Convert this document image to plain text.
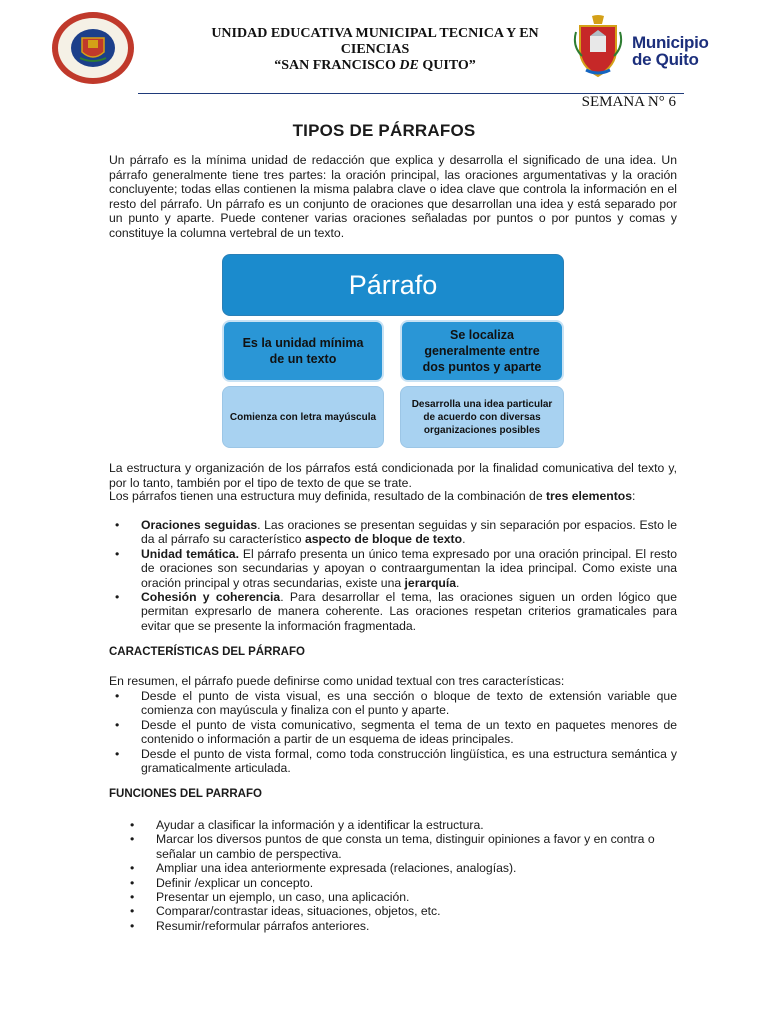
UNIDAD EDUCATIVA MUNICIPAL TECNICA Y EN
CIENCIAS
“SAN FRANCISCO DE QUITO”
Municipio
de Quito
SEMANA N° 6
TIPOS DE PÁRRAFOS

Un párrafo es la mínima unidad de redacción que explica y desarrolla el significado de una idea. Un párrafo generalmente tiene tres partes: la oración principal, las oraciones argumentativas y la oración concluyente; todas ellas contienen la misma palabra clave o idea clave que controla la información en el resto del párrafo. Un párrafo es un conjunto de oraciones que desarrollan una idea y está separado por un punto y aparte. Puede contener varias oraciones señaladas por puntos o por puntos y comas y constituye la columna vertebral de un texto.

Párrafo
Es la unidad mínima de un texto
Se localiza generalmente entre dos puntos y aparte
Comienza con letra mayúscula
Desarrolla una idea particular de acuerdo con diversas organizaciones posibles

La estructura y organización de los párrafos está condicionada por la finalidad comunicativa del texto y, por lo tanto, también por el tipo de texto de que se trate.

Los párrafos tienen una estructura muy definida, resultado de la combinación de tres elementos:

• Oraciones seguidas. Las oraciones se presentan seguidas y sin separación por espacios. Esto le da al párrafo su característico aspecto de bloque de texto.
• Unidad temática. El párrafo presenta un único tema expresado por una oración principal. El resto de oraciones son secundarias y apoyan o contraargumentan la idea principal. Como existe una oración principal y otras secundarias, existe una jerarquía.
• Cohesión y coherencia. Para desarrollar el tema, las oraciones siguen un orden lógico que permitan expresarlo de manera coherente. Las oraciones respetan criterios gramaticales para evitar que se presente la información fragmentada.
CARACTERÍSTICAS DEL PÁRRAFO

En resumen, el párrafo puede definirse como unidad textual con tres características:

• Desde el punto de vista visual, es una sección o bloque de texto de extensión variable que comienza con mayúscula y finaliza con el punto y aparte.
• Desde el punto de vista comunicativo, segmenta el tema de un texto en paquetes menores de contenido o información a partir de un esquema de ideas principales.
• Desde el punto de vista formal, como toda construcción lingüística, es una estructura semántica y gramaticalmente articulada.
FUNCIONES DEL PARRAFO
• Ayudar a clasificar la información y a identificar la estructura.
• Marcar los diversos puntos de que consta un tema, distinguir opiniones a favor y en contra o señalar un cambio de perspectiva.
• Ampliar una idea anteriormente expresada (relaciones, analogías).
• Definir /explicar un concepto.
• Presentar un ejemplo, un caso, una aplicación.
• Comparar/contrastar ideas, situaciones, objetos, etc.
• Resumir/reformular párrafos anteriores.
